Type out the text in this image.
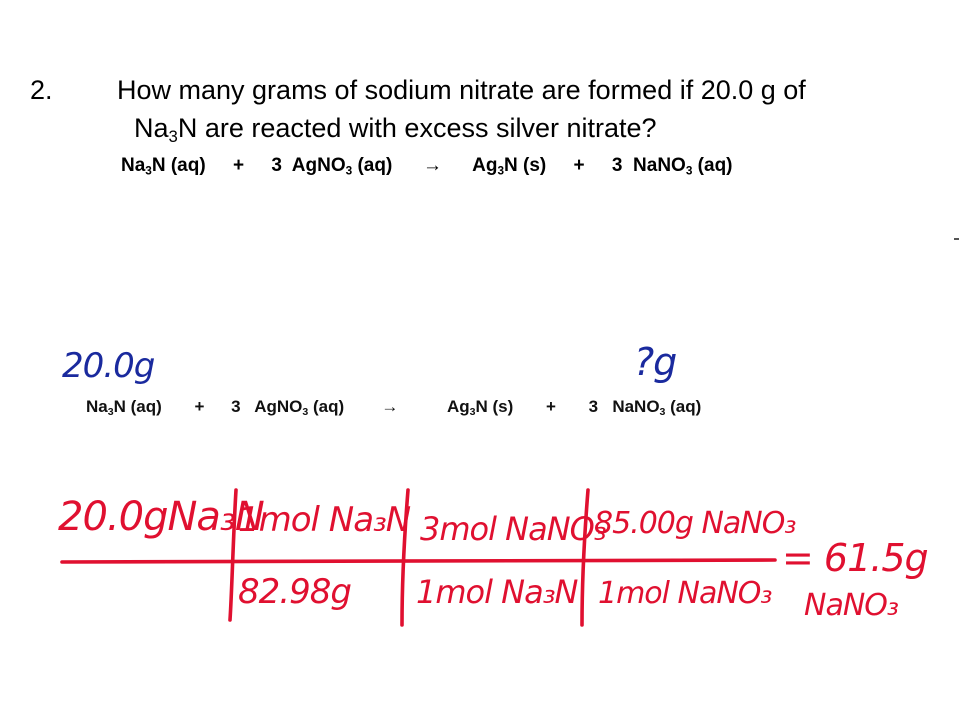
2. How many grams of sodium nitrate are formed if 20.0 g of
$Na_3N$ are reacted with excess silver nitrate?
$Na_3N$ (aq) + 3 AgNO$_3$ $(aq) \to Ag_3N$ (s) + 3 NaNO$_3$ (aq)
20.0g	?g
$Na_3N$ (aq) + 3 AgNO$_3$ (aq) →	$Ag_3N$ (s) + 3 NaNO$_3$ (aq)
20.0gNa₃N
1mol Na₃N
82.98g
3mol NaNO₃
1mol Na₃N
85.00g NaNO₃
1mol NaNO₃
= 61.5g
NaNO₃
